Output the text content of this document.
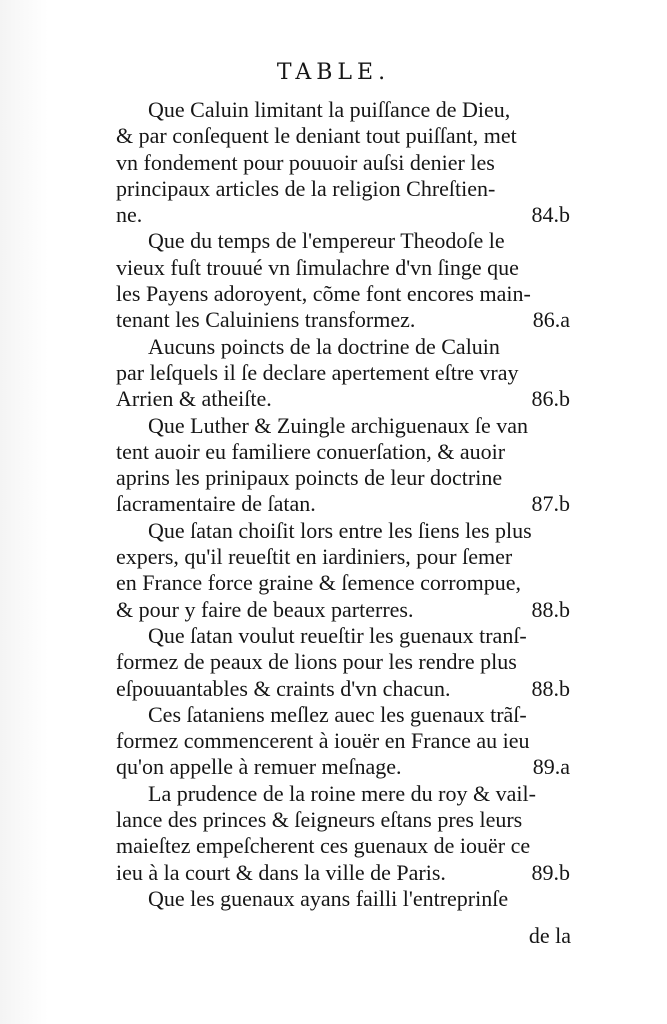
TABLE.
Que Caluin limitant la puiſſance de Dieu,
& par conſequent le deniant tout puiſſant, met
vn fondement pour pouuoir auſsi denier les
principaux articles de la religion Chreſtien-
ne.	84.b
Que du temps de l'empereur Theodoſe le
vieux fuſt trouué vn ſimulachre d'vn ſinge que
les Payens adoroyent, cõme font encores main-
tenant les Caluiniens transformez.	86.a
Aucuns poincts de la doctrine de Caluin
par leſquels il ſe declare apertement eſtre vray
Arrien & atheiſte.	86.b
Que Luther & Zuingle archiguenaux ſe van
tent auoir eu familiere conuerſation, & auoir
aprins les prinipaux poincts de leur doctrine
ſacramentaire de ſatan.	87.b
Que ſatan choiſit lors entre les ſiens les plus
expers, qu'il reueſtit en iardiniers, pour ſemer
en France force graine & ſemence corrompue,
& pour y faire de beaux parterres.	88.b
Que ſatan voulut reueſtir les guenaux tranſ-
formez de peaux de lions pour les rendre plus
eſpouuantables & craints d'vn chacun.	88.b
Ces ſataniens meſlez auec les guenaux trãſ-
formez commencerent à iouër en France au ieu
qu'on appelle à remuer meſnage.	89.a
La prudence de la roine mere du roy & vail-
lance des princes & ſeigneurs eſtans pres leurs
maieſtez empeſcherent ces guenaux de iouër ce
ieu à la court & dans la ville de Paris.	89.b
Que les guenaux ayans failli l'entreprinſe
de la
